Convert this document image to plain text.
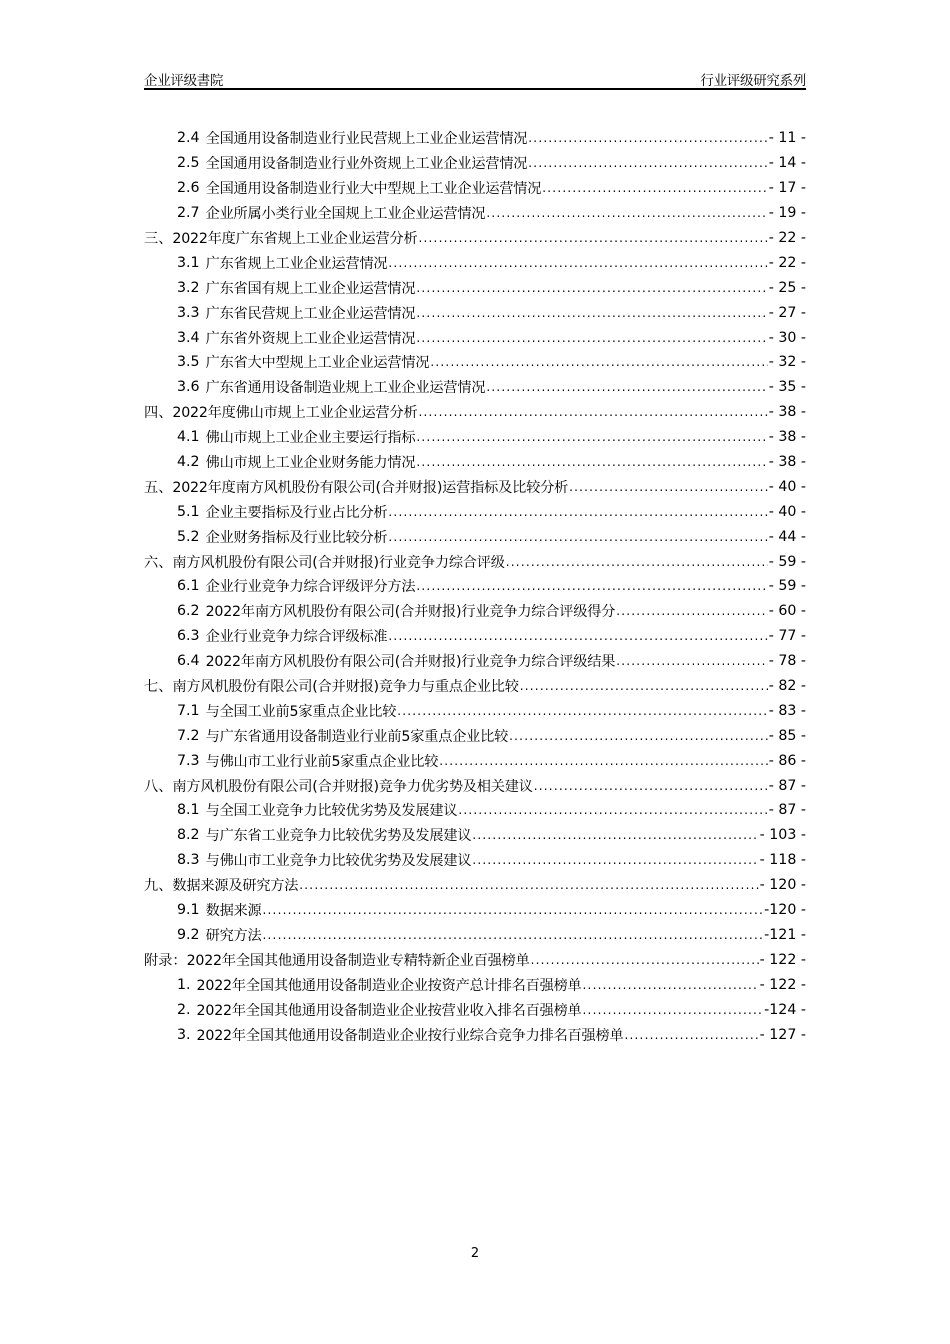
企业评级書院	行业评级研究系列
2.4 全国通用设备制造业行业民营规上工业企业运营情况 .....	- 11 -
2.5 全国通用设备制造业行业外资规上工业企业运营情况 .....	- 14 -
2.6 全国通用设备制造业行业大中型规上工业企业运营情况 .....	- 17 -
2.7 企业所属小类行业全国规上工业企业运营情况 .....	- 19 -
三、 2022年度广东省规上工业企业运营分析 .....	- 22 -
3.1 广东省规上工业企业运营情况 .....	- 22 -
3.2 广东省国有规上工业企业运营情况 .....	- 25 -
3.3 广东省民营规上工业企业运营情况 .....	- 27 -
3.4 广东省外资规上工业企业运营情况 .....	- 30 -
3.5 广东省大中型规上工业企业运营情况 .....	- 32 -
3.6 广东省通用设备制造业规上工业企业运营情况 .....	- 35 -
四、 2022年度佛山市规上工业企业运营分析 .....	- 38 -
4.1 佛山市规上工业企业主要运行指标 .....	- 38 -
4.2 佛山市规上工业企业财务能力情况 .....	- 38 -
五、 2022年度南方风机股份有限公司(合并财报)运营指标及比较分析 .....	- 40 -
5.1 企业主要指标及行业占比分析 .....	- 40 -
5.2 企业财务指标及行业比较分析 .....	- 44 -
六、 南方风机股份有限公司(合并财报)行业竞争力综合评级 .....	- 59 -
6.1 企业行业竞争力综合评级评分方法 .....	- 59 -
6.2 2022年南方风机股份有限公司(合并财报)行业竞争力综合评级得分 .....	- 60 -
6.3 企业行业竞争力综合评级标准 .....	- 77 -
6.4 2022年南方风机股份有限公司(合并财报)行业竞争力综合评级结果 .....	- 78 -
七、 南方风机股份有限公司(合并财报)竞争力与重点企业比较 .....	- 82 -
7.1 与全国工业前5家重点企业比较 .....	- 83 -
7.2 与广东省通用设备制造业行业前5家重点企业比较 .....	- 85 -
7.3 与佛山市工业行业前5家重点企业比较 .....	- 86 -
八、 南方风机股份有限公司(合并财报)竞争力优劣势及相关建议 .....	- 87 -
8.1 与全国工业竞争力比较优劣势及发展建议 .....	- 87 -
8.2 与广东省工业竞争力比较优劣势及发展建议 .....	- 103 -
8.3 与佛山市工业竞争力比较优劣势及发展建议 .....	- 118 -
九、 数据来源及研究方法 .....	- 120 -
9.1 数据来源 .....	-120 -
9.2 研究方法 .....	-121 -
附录： 2022年全国其他通用设备制造业专精特新企业百强榜单 .....	- 122 -
1. 2022年全国其他通用设备制造业企业按资产总计排名百强榜单 .....	- 122 -
2. 2022年全国其他通用设备制造业企业按营业收入排名百强榜单 .....	-124 -
3. 2022年全国其他通用设备制造业企业按行业综合竞争力排名百强榜单 .....	- 127 -
2
